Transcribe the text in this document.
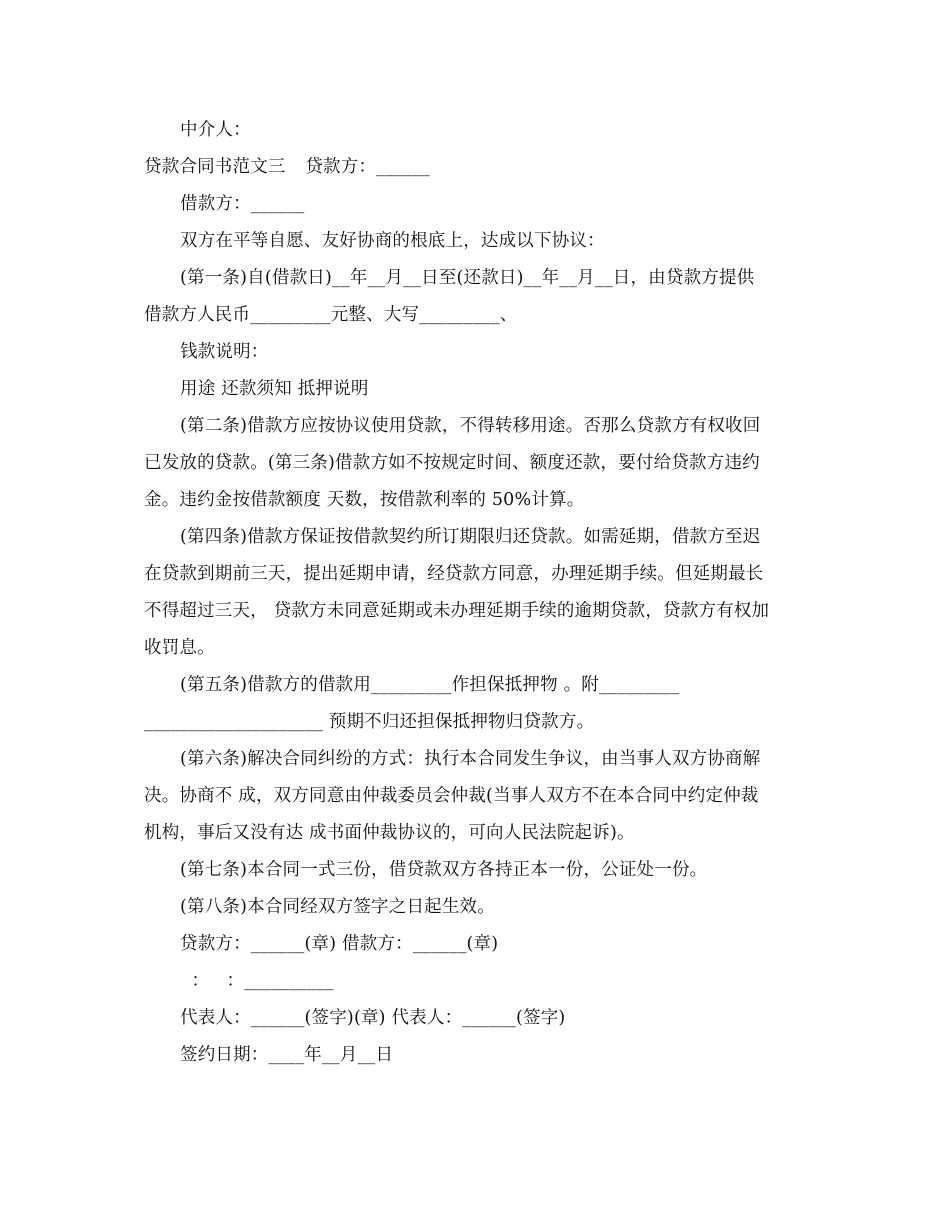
中介人：
贷款合同书范文三		贷款方：______
借款方：______
双方在平等自愿、友好协商的根底上，达成以下协议：
(第一条)自(借款日)__年__月__日至(还款日)__年__月__日，由贷款方提供
借款方人民币_________元整、大写_________、
钱款说明：
用途 还款须知 抵押说明
(第二条)借款方应按协议使用贷款，不得转移用途。否那么贷款方有权收回
已发放的贷款。(第三条)借款方如不按规定时间、额度还款，要付给贷款方违约
金。违约金按借款额度 天数，按借款利率的 50%计算。
(第四条)借款方保证按借款契约所订期限归还贷款。如需延期，借款方至迟
在贷款到期前三天，提出延期申请，经贷款方同意，办理延期手续。但延期最长
不得超过三天， 贷款方未同意延期或未办理延期手续的逾期贷款，贷款方有权加
收罚息。
(第五条)借款方的借款用_________作担保抵押物 。附_________
____________________ 预期不归还担保抵押物归贷款方。
(第六条)解决合同纠纷的方式：执行本合同发生争议，由当事人双方协商解
决。协商不 成，双方同意由仲裁委员会仲裁(当事人双方不在本合同中约定仲裁
机构，事后又没有达 成书面仲裁协议的，可向人民法院起诉)。
(第七条)本合同一式三份，借贷款双方各持正本一份，公证处一份。
(第八条)本合同经双方签字之日起生效。
贷款方：______(章) 借款方：______(章)
：   ：__________
代表人：______(签字)(章) 代表人：______(签字)
签约日期：____年__月__日
